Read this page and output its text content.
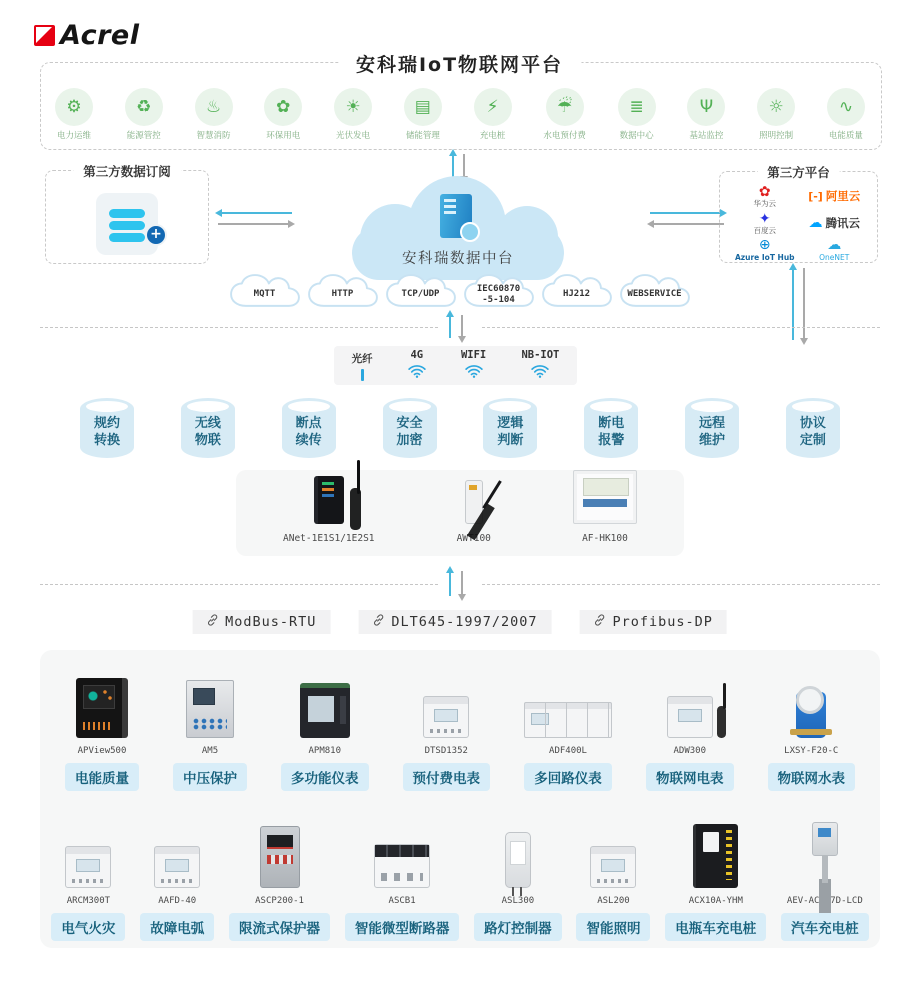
Acrel
安科瑞IoT物联网平台
⚙
电力运维
♻
能源管控
♨
智慧消防
✿
环保用电
☀
光伏发电
▤
储能管理
⚡
充电桩
☔
水电预付费
≣
数据中心
Ψ
基站监控
☼
照明控制
∿
电能质量
第三方数据订阅
+
安科瑞数据中台
第三方平台
✿
华为云
[-] 阿里云
✦
百度云 ☁ 腾讯云
⊕
Azure IoT Hub
☁
OneNET
MQTT	HTTP	TCP/UDP
IEC60870
-5-104
HJ212	WEBSERVICE
光纤	4G	WIFI	NB-IOT
规约
转换
无线
物联
断点
续传
安全
加密
逻辑
判断
断电
报警
远程
维护
协议
定制
ANet-1E1S1/1E2S1	AWT100	AF-HK100
ModBus-RTU	DLT645-1997/2007	Profibus-DP
APView500
电能质量
AM5
中压保护
APM810
多功能仪表
DTSD1352
预付费电表
ADF400L
多回路仪表
ADW300
物联网电表
LXSY-F20-C
物联网水表
ARCM300T
电气火灾
AAFD-40
故障电弧
ASCP200-1
限流式保护器
ASCB1
智能微型断路器
ASL300
路灯控制器
ASL200
智能照明
ACX10A-YHM
电瓶车充电桩
AEV-AC007D-LCD
汽车充电桩
